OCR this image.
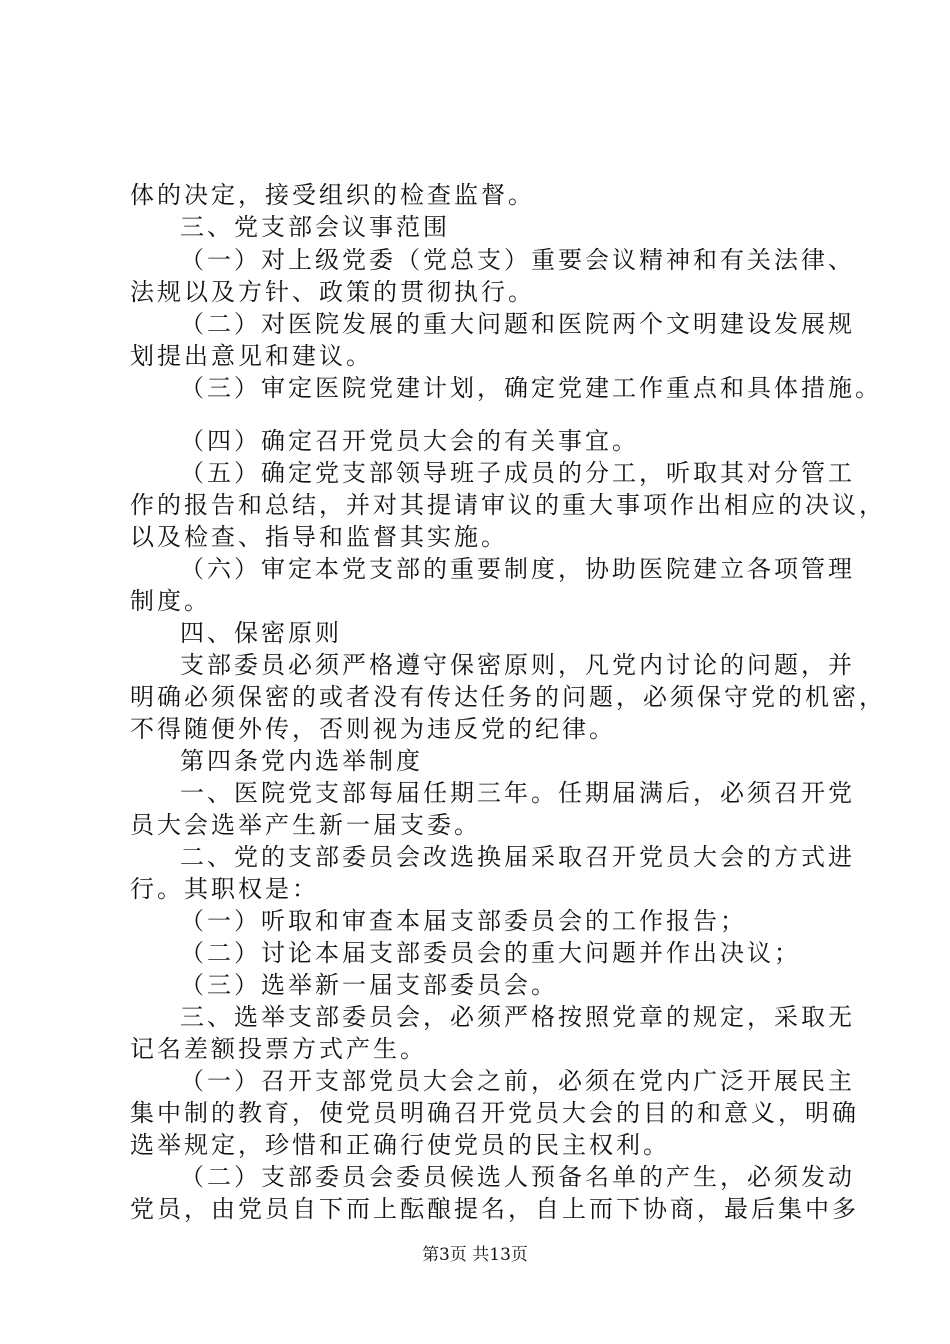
体的决定，接受组织的检查监督。
三、党支部会议事范围
（一）对上级党委（党总支）重要会议精神和有关法律、
法规以及方针、政策的贯彻执行。
（二）对医院发展的重大问题和医院两个文明建设发展规
划提出意见和建议。
（三）审定医院党建计划，确定党建工作重点和具体措施。
（四）确定召开党员大会的有关事宜。
（五）确定党支部领导班子成员的分工，听取其对分管工
作的报告和总结，并对其提请审议的重大事项作出相应的决议，
以及检查、指导和监督其实施。
（六）审定本党支部的重要制度，协助医院建立各项管理
制度。
四、保密原则
支部委员必须严格遵守保密原则，凡党内讨论的问题，并
明确必须保密的或者没有传达任务的问题，必须保守党的机密，
不得随便外传，否则视为违反党的纪律。
第四条党内选举制度
一、医院党支部每届任期三年。任期届满后，必须召开党
员大会选举产生新一届支委。
二、党的支部委员会改选换届采取召开党员大会的方式进
行。其职权是：
（一）听取和审查本届支部委员会的工作报告；
（二）讨论本届支部委员会的重大问题并作出决议；
（三）选举新一届支部委员会。
三、选举支部委员会，必须严格按照党章的规定，采取无
记名差额投票方式产生。
（一）召开支部党员大会之前，必须在党内广泛开展民主
集中制的教育，使党员明确召开党员大会的目的和意义，明确
选举规定，珍惜和正确行使党员的民主权利。
（二）支部委员会委员候选人预备名单的产生，必须发动
党员，由党员自下而上酝酿提名，自上而下协商，最后集中多
第3页 共13页
